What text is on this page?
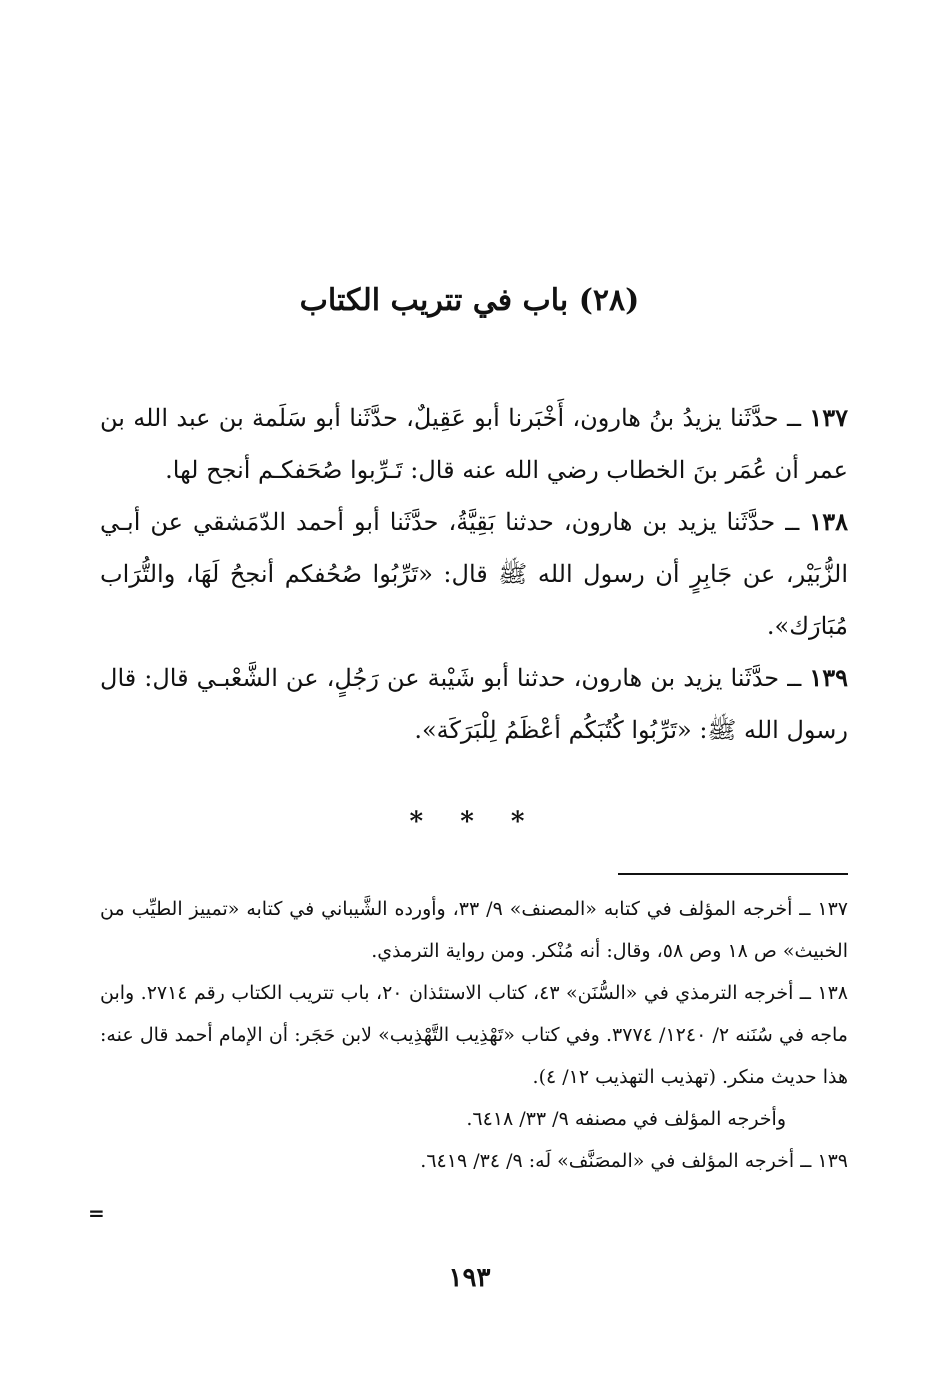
(٢٨) باب في تتريب الكتاب

١٣٧ ــ حدَّثَنا يزيدُ بنُ هارون، أَخْبَرنا أبو عَقِيلٌ، حدَّثَنا أبو سَلَمة بن عبد الله بن عمر أن عُمَر بنَ الخطاب رضي الله عنه قال: تَـرِّبوا صُحَفكـم أنجح لها.

١٣٨ ــ حدَّثَنا يزيد بن هارون، حدثنا بَقِيَّةُ، حدَّثَنا أبو أحمد الدّمَشقي عن أبـي الزُّبَيْر، عن جَابِرٍ أن رسول الله ﷺ قال: «تَرِّبُوا صُحُفكم أنجحُ لَهَا، والتُّرَاب مُبَارَك».

١٣٩ ــ حدَّثَنا يزيد بن هارون، حدثنا أبو شَيْبة عن رَجُلٍ، عن الشَّعْبـي قال: قال رسول الله ﷺ: «تَرِّبُوا كُتُبَكُم أعْظَمُ لِلْبَرَكَة».

* * *

١٣٧ ــ أخرجه المؤلف في كتابه «المصنف» ٩/ ٣٣، وأورده الشَّيباني في كتابه «تمييز الطيِّب من الخبيث» ص ١٨ وص ٥٨، وقال: أنه مُنْكر. ومن رواية الترمذي.

١٣٨ ــ أخرجه الترمذي في «السُّنَن» ٤٣، كتاب الاستئذان ٢٠، باب تتريب الكتاب رقم ٢٧١٤. وابن ماجه في سُنَنه ٢/ ١٢٤٠/ ٣٧٧٤. وفي كتاب «تَهْذِيب التَّهْذِيب» لابن حَجَر: أن الإمام أحمد قال عنه: هذا حديث منكر. (تهذيب التهذيب ١٢/ ٤).

وأخرجه المؤلف في مصنفه ٩/ ٣٣/ ٦٤١٨.

١٣٩ ــ أخرجه المؤلف في «المصَنَّف» لَه: ٩/ ٣٤/ ٦٤١٩.

=
١٩٣
